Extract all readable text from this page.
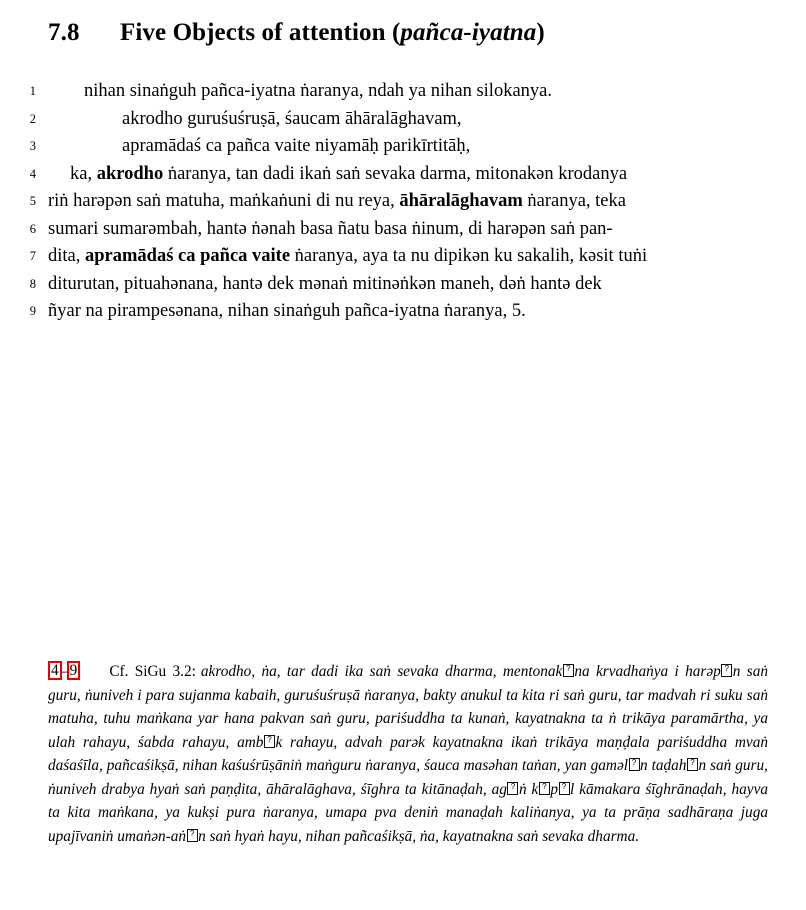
7.8 Five Objects of attention (pañca-iyatna)
1	nihan sinaṅguh pañca-iyatna ṅaranya, ndah ya nihan silokanya.
2	akrodho guruśuśruṣā, śaucam āhāralāghavam,
3	apramādaś ca pañca vaite niyamāḥ parikīrtitāḥ,
4	ka, akrodho ṅaranya, tan dadi ikaṅ saṅ sevaka darma, mitonakən krodanya
5 riṅ harəpən saṅ matuha, maṅkaṅuni di nu reya, āhāralāghavam ṅaranya, teka
6 sumari sumarəmbah, hantə ṅənah basa ñatu basa ṅinum, di harəpən saṅ pan-
7 dita, apramādaś ca pañca vaite ṅaranya, aya ta nu dipikən ku sakalih, kəsit tuṅi
8 diturutan, pituahənana, hantə dek mənaṅ mitinəṅkən maneh, dəṅ hantə dek
9 ñyar na pirampesənana, nihan sinaṅguh pañca-iyatna ṅaranya, 5.
4 –9 Cf. SiGu 3.2: akrodho, ṅa, tar dadi ika saṅ sevaka dharma, mentonak ? na krvadhaṅya i harəp ? n saṅ guru, ṅuniveh i para sujanma kabaih, guruśuśruṣā ṅaranya, bakty anukul ta kita ri saṅ guru, tar madvah ri suku saṅ matuha, tuhu maṅkana yar hana pakvan saṅ guru, pariśuddha ta kunaṅ, kayatnakna ta ṅ trikāya paramārtha, ya ulah rahayu, śabda rahayu, amb ? k rahayu, advah parək kayatnakna ikaṅ trikāya maṇḍala pariśuddha mvaṅ daśaśīla, pañcaśikṣā, nihan kaśuśrūṣāniṅ maṅguru ṅaranya, śauca masəhan taṅan, yan gaməl ? n taḍah ? n saṅ guru, ṅuniveh drabya hyaṅ saṅ paṇḍita, āhāralāghava, śīghra ta kitānaḍah, ag ? ṅ k ? p ? l kāmakara śīghrānaḍah, hayva ta kita maṅkana, ya kukṣi pura ṅaranya, umapa pva deniṅ manaḍah kaliṅanya, ya ta prāṇa sadhāraṇa juga upajīvaniṅ umaṅən-aṅ ? n saṅ hyaṅ hayu, nihan pañcaśikṣā, ṅa, kayatnakna saṅ sevaka dharma.
